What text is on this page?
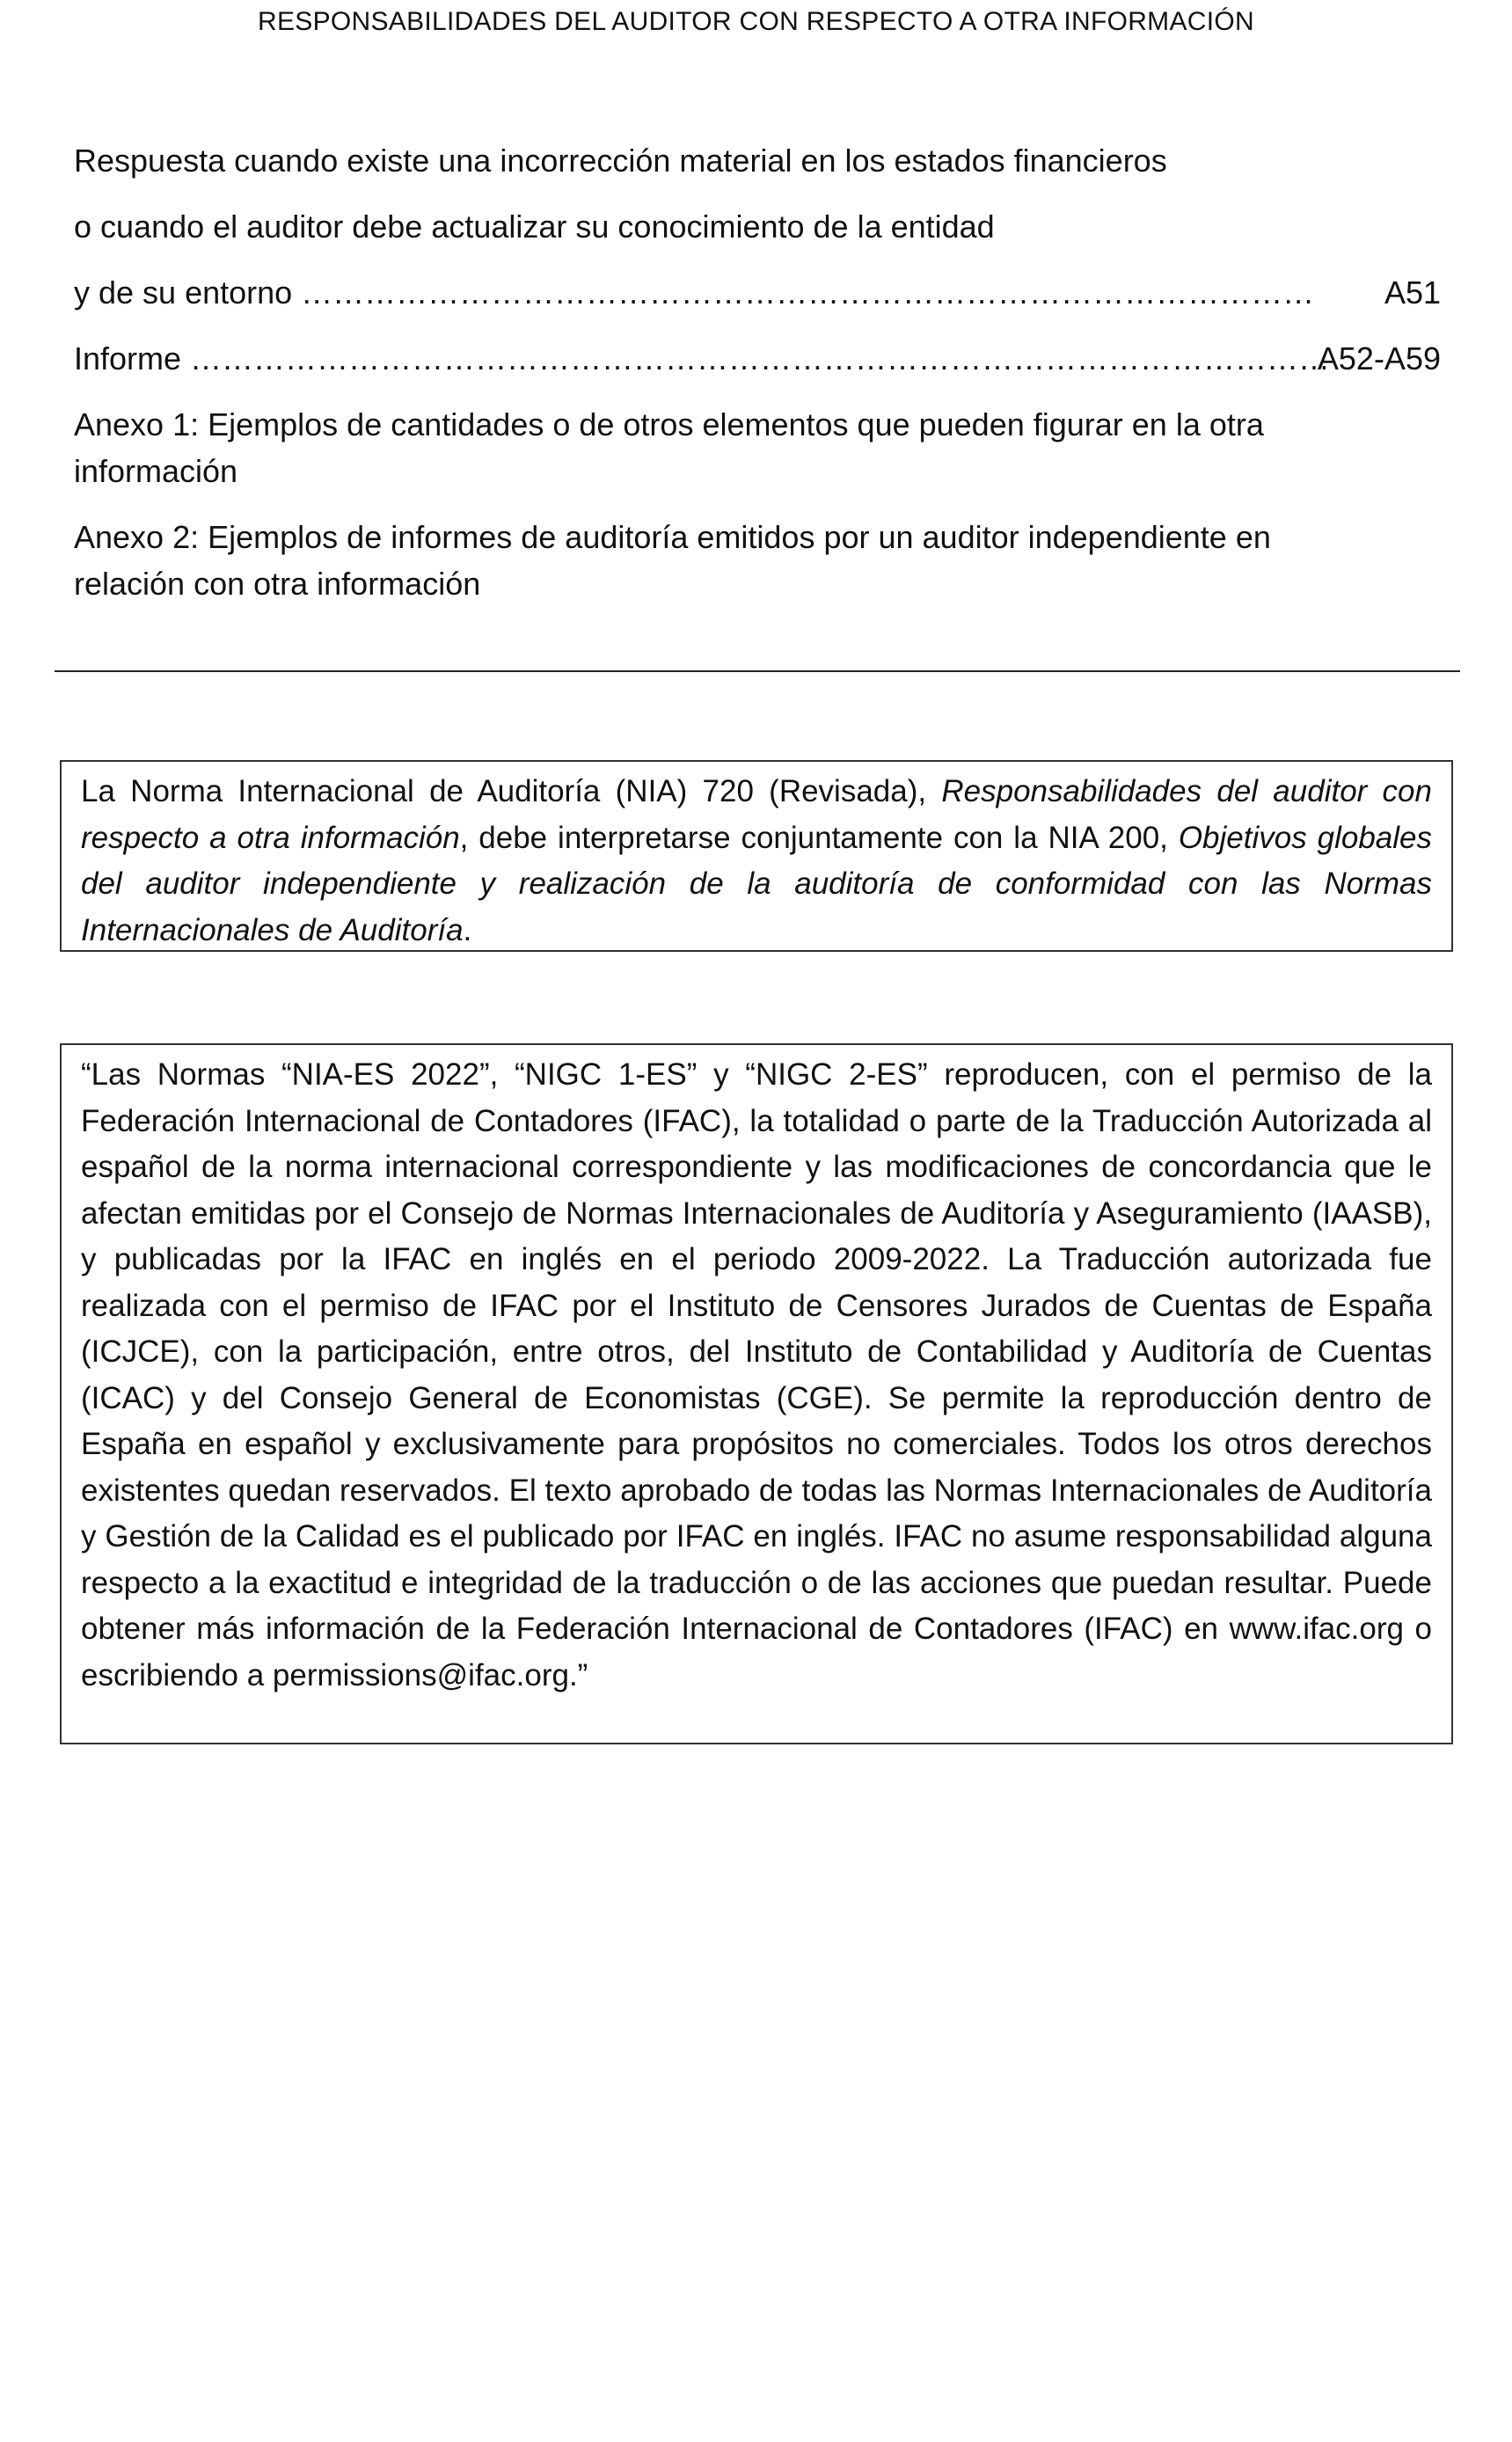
RESPONSABILIDADES DEL AUDITOR CON RESPECTO A OTRA INFORMACIÓN
Respuesta cuando existe una incorrección material en los estados financieros
o cuando el auditor debe actualizar su conocimiento de la entidad
y de su entorno …………………………………………………………………………………… A51
Informe ………………………………………………………………………………………………
A52-A59
Anexo 1: Ejemplos de cantidades o de otros elementos que pueden figurar en la otra información
Anexo 2: Ejemplos de informes de auditoría emitidos por un auditor independiente en relación con otra información
La Norma Internacional de Auditoría (NIA) 720 (Revisada), Responsabilidades del auditor con respecto a otra información, debe interpretarse conjuntamente con la NIA 200, Objetivos globales del auditor independiente y realización de la auditoría de conformidad con las Normas Internacionales de Auditoría.
“Las Normas “NIA-ES 2022”, “NIGC 1-ES” y “NIGC 2-ES” reproducen, con el permiso de la Federación Internacional de Contadores (IFAC), la totalidad o parte de la Traducción Autorizada al español de la norma internacional correspondiente y las modificaciones de concordancia que le afectan emitidas por el Consejo de Normas Internacionales de Auditoría y Aseguramiento (IAASB), y publicadas por la IFAC en inglés en el periodo 2009-2022. La Traducción autorizada fue realizada con el permiso de IFAC por el Instituto de Censores Jurados de Cuentas de España (ICJCE), con la participación, entre otros, del Instituto de Contabilidad y Auditoría de Cuentas (ICAC) y del Consejo General de Economistas (CGE). Se permite la reproducción dentro de España en español y exclusivamente para propósitos no comerciales. Todos los otros derechos existentes quedan reservados. El texto aprobado de todas las Normas Internacionales de Auditoría y Gestión de la Calidad es el publicado por IFAC en inglés. IFAC no asume responsabilidad alguna respecto a la exactitud e integridad de la traducción o de las acciones que puedan resultar. Puede obtener más información de la Federación Internacional de Contadores (IFAC) en www.ifac.org o escribiendo a permissions@ifac.org.”
